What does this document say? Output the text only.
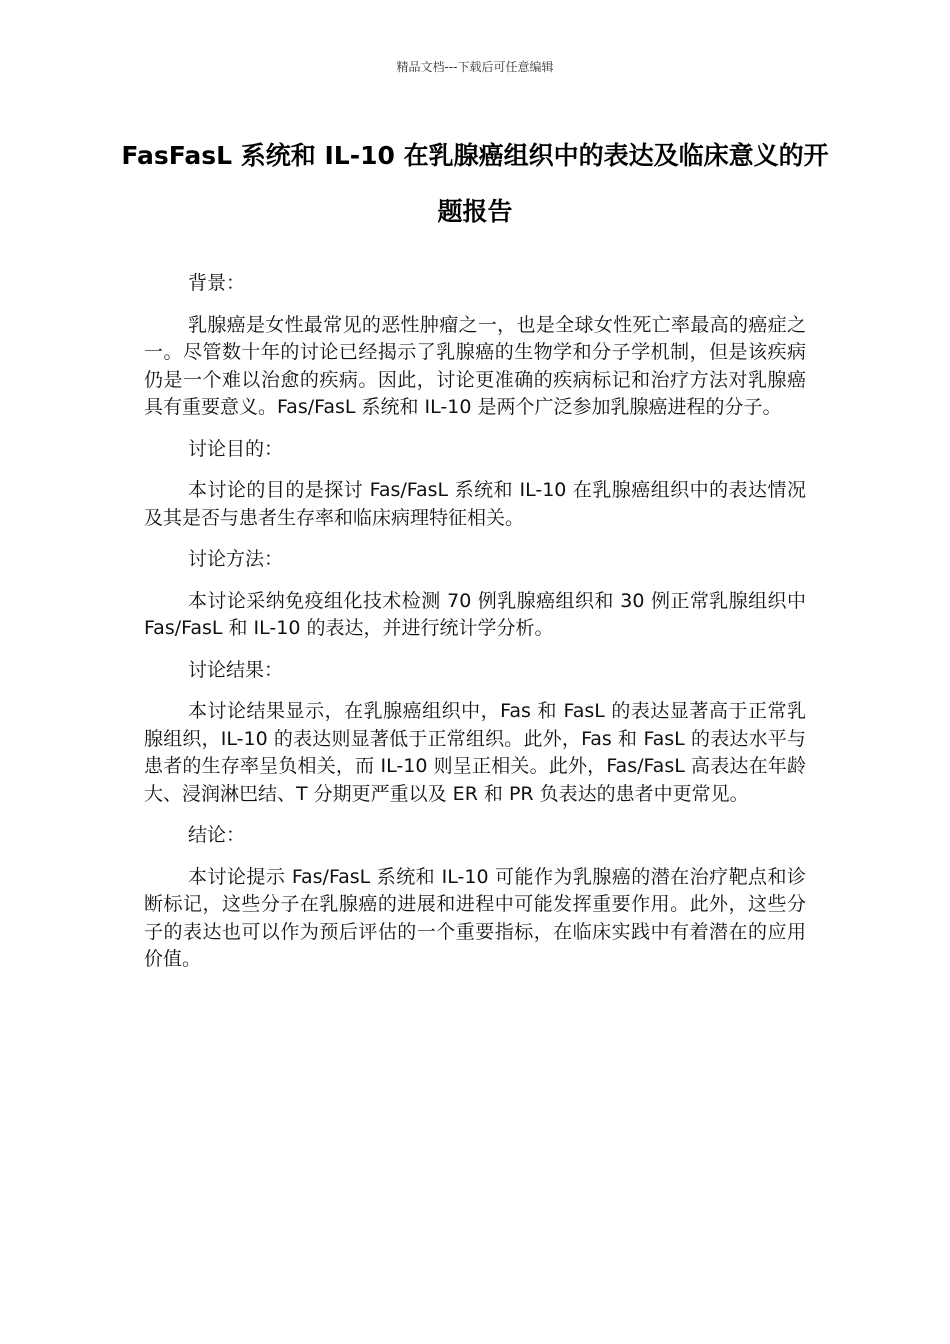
精品文档---下载后可任意编辑
FasFasL 系统和 IL-10 在乳腺癌组织中的表达及临床意义的开题报告

背景：

乳腺癌是女性最常见的恶性肿瘤之一，也是全球女性死亡率最高的癌症之一。尽管数十年的讨论已经揭示了乳腺癌的生物学和分子学机制，但是该疾病仍是一个难以治愈的疾病。因此，讨论更准确的疾病标记和治疗方法对乳腺癌具有重要意义。Fas/FasL 系统和 IL-10 是两个广泛参加乳腺癌进程的分子。

讨论目的：

本讨论的目的是探讨 Fas/FasL 系统和 IL-10 在乳腺癌组织中的表达情况及其是否与患者生存率和临床病理特征相关。

讨论方法：

本讨论采纳免疫组化技术检测 70 例乳腺癌组织和 30 例正常乳腺组织中 Fas/FasL 和 IL-10 的表达，并进行统计学分析。

讨论结果：

本讨论结果显示，在乳腺癌组织中，Fas 和 FasL 的表达显著高于正常乳腺组织，IL-10 的表达则显著低于正常组织。此外，Fas 和 FasL 的表达水平与患者的生存率呈负相关，而 IL-10 则呈正相关。此外，Fas/FasL 高表达在年龄大、浸润淋巴结、T 分期更严重以及 ER 和 PR 负表达的患者中更常见。

结论：

本讨论提示 Fas/FasL 系统和 IL-10 可能作为乳腺癌的潜在治疗靶点和诊断标记，这些分子在乳腺癌的进展和进程中可能发挥重要作用。此外，这些分子的表达也可以作为预后评估的一个重要指标，在临床实践中有着潜在的应用价值。
